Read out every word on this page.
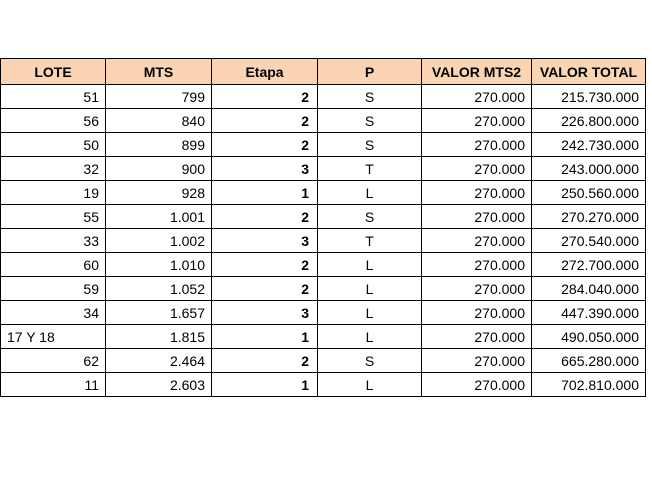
LOTE	MTS	Etapa	P	VALOR MTS2	VALOR TOTAL
51	799	2	S	270.000	215.730.000
56	840	2	S	270.000	226.800.000
50	899	2	S	270.000	242.730.000
32	900	3	T	270.000	243.000.000
19	928	1	L	270.000	250.560.000
55	1.001	2	S	270.000	270.270.000
33	1.002	3	T	270.000	270.540.000
60	1.010	2	L	270.000	272.700.000
59	1.052	2	L	270.000	284.040.000
34	1.657	3	L	270.000	447.390.000
17 Y 18	1.815	1	L	270.000	490.050.000
62	2.464	2	S	270.000	665.280.000
11	2.603	1	L	270.000	702.810.000
